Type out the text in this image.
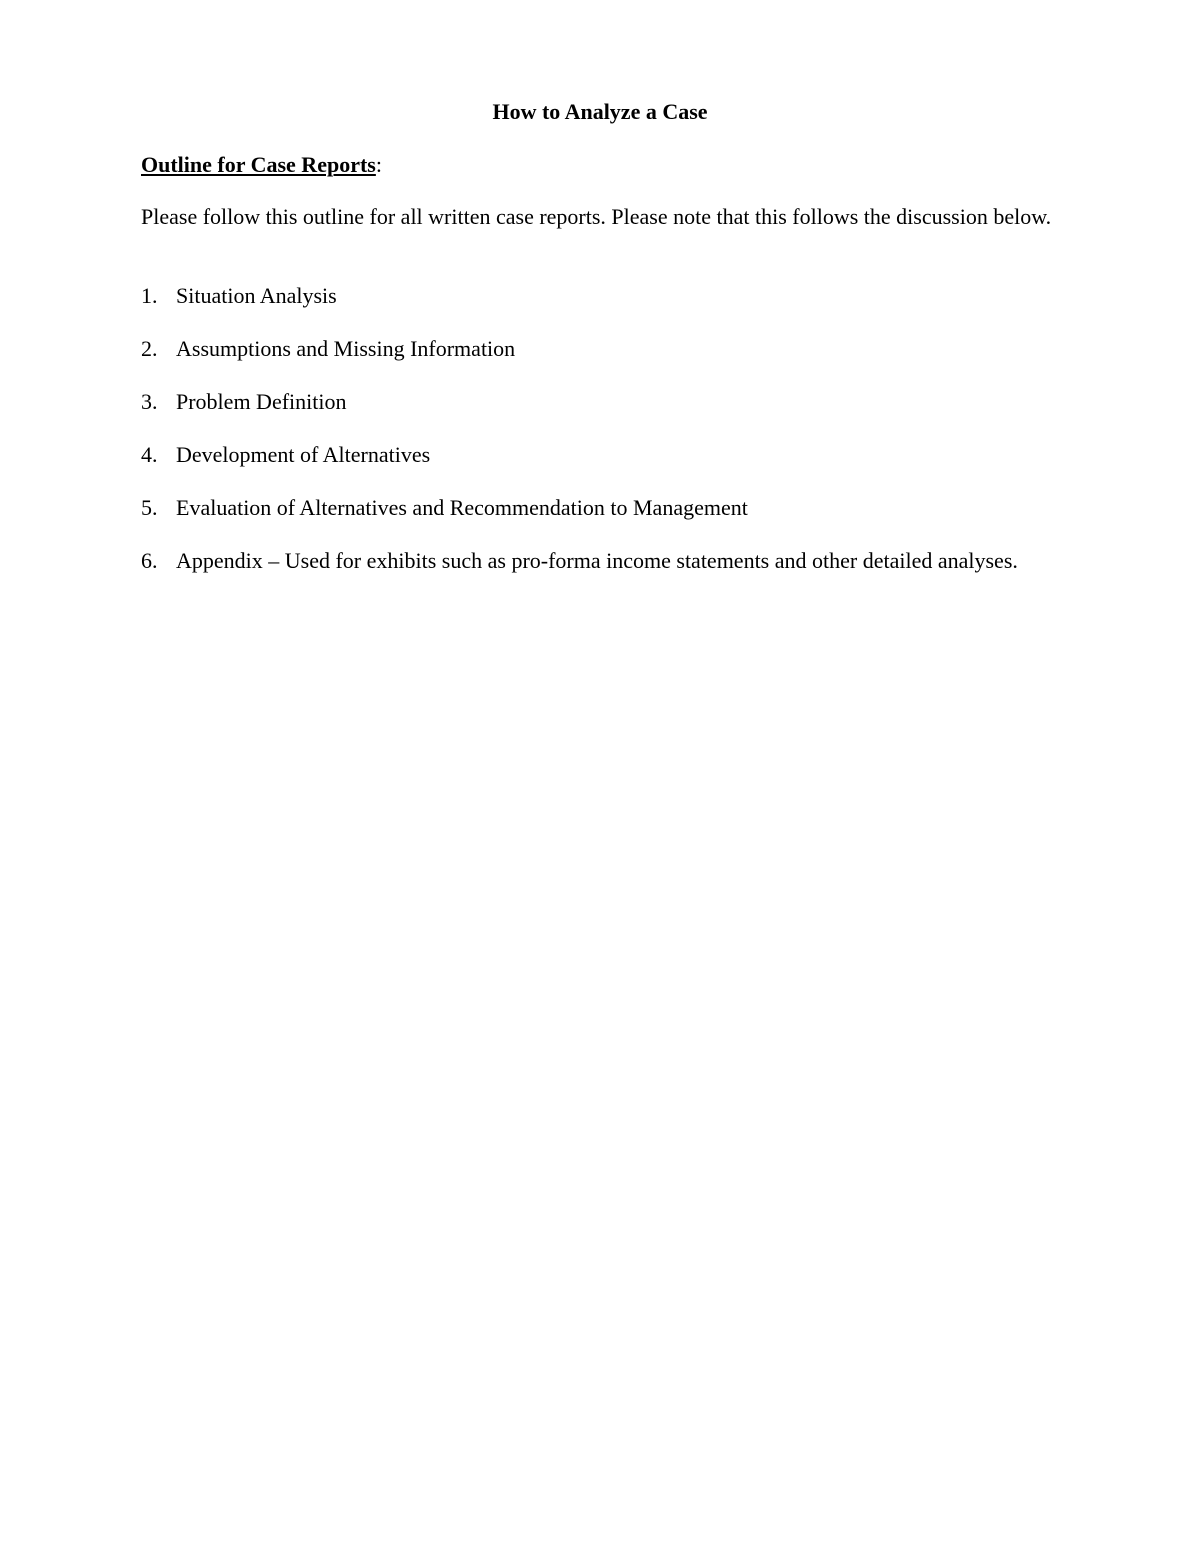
How to Analyze a Case
Outline for Case Reports:
Please follow this outline for all written case reports. Please note that this follows the discussion below.
1. Situation Analysis
2. Assumptions and Missing Information
3. Problem Definition
4. Development of Alternatives
5. Evaluation of Alternatives and Recommendation to Management
6. Appendix – Used for exhibits such as pro-forma income statements and other detailed analyses.
